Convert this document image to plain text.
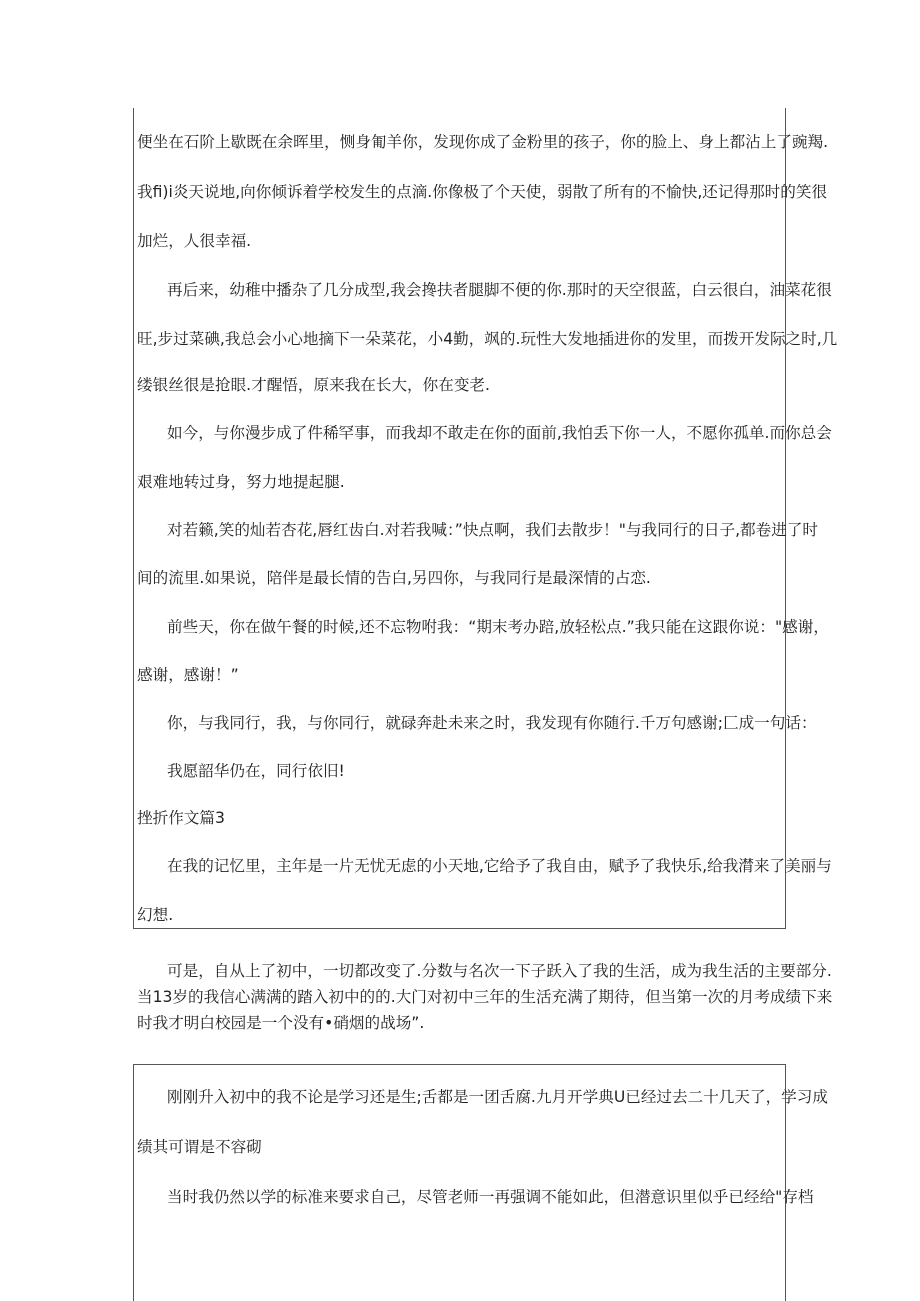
便坐在石阶上歇既在余晖里，恻身匍羊你，发现你成了金粉里的孩子，你的脸上、身上都沾上了豌羯.
我fi)i炎天说地,向你倾诉着学校发生的点滴.你像极了个天使，弱散了所有的不愉快,还记得那时的笑很
加烂，人很幸福.
再后来，幼稚中播杂了几分成型,我会搀扶者腿脚不便的你.那时的天空很蓝，白云很白，油菜花很
旺,步过菜碘,我总会小心地摘下一朵菜花，小4勤，飒的.玩性大发地插进你的发里，而拨开发际之时,几
缕银丝很是抢眼.才醒悟，原来我在长大，你在变老.
如今，与你漫步成了件稀罕事，而我却不敢走在你的面前,我怕丢下你一人，不愿你孤单.而你总会
艰难地转过身，努力地提起腿.
对若籁,笑的灿若杏花,唇红齿白.对若我喊：”快点啊，我们去散步！"与我同行的日子,都卷进了时
间的流里.如果说，陪伴是最长情的告白,另四你，与我同行是最深情的占恋.
前些天，你在做午餐的时候,还不忘物咐我：“期末考办踣,放轻松点.”我只能在这跟你说："感谢，
感谢，感谢！”
你，与我同行，我，与你同行，就碌奔赴未来之时，我发现有你随行.千万句感谢;匚成一句话：
我愿韶华仍在，同行依旧!
挫折作文篇3
在我的记忆里，主年是一片无忧无虑的小天地,它给予了我自由，赋予了我快乐,给我潸来了美丽与
幻想.
可是，自从上了初中，一切都改变了.分数与名次一下子跃入了我的生活，成为我生活的主要部分.
当13岁的我信心满满的踏入初中的的.大门对初中三年的生活充满了期待，但当第一次的月考成绩下来
时我才明白校园是一个没有•硝烟的战场”.
刚刚升入初中的我不论是学习还是生;舌都是一团舌腐.九月开学典U已经过去二十几天了，学习成
绩其可谓是不容砌
当时我仍然以学的标准来要求自己，尽管老师一再强调不能如此，但潜意识里似乎已经给"存档
